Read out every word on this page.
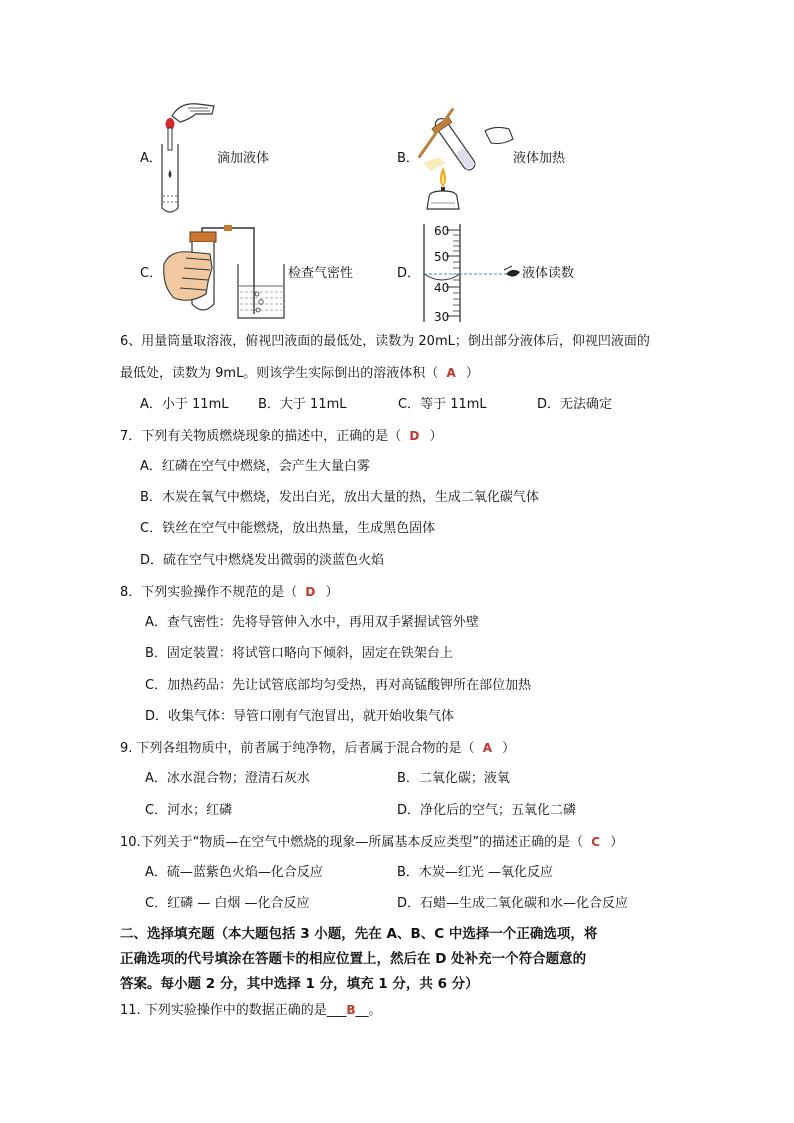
A．	滴加液体	B．	液体加热
C．	检查气密性	D．
60
50
40
30
液体读数
6、用量筒量取溶液，俯视凹液面的最低处，读数为 20mL；倒出部分液体后，仰视凹液面的
最低处，读数为 9mL。则该学生实际倒出的溶液体积（ A ）
A．小于 11mL B．大于 11mL	C．等于 11mL	D．无法确定
7．下列有关物质燃烧现象的描述中，正确的是（ D ）
A．红磷在空气中燃烧，会产生大量白雾
B．木炭在氧气中燃烧，发出白光，放出大量的热，生成二氧化碳气体
C．铁丝在空气中能燃烧，放出热量，生成黑色固体
D．硫在空气中燃烧发出微弱的淡蓝色火焰
8．下列实验操作不规范的是（ D ）
A．查气密性：先将导管伸入水中，再用双手紧握试管外壁
B．固定装置：将试管口略向下倾斜，固定在铁架台上
C．加热药品：先让试管底部均匀受热，再对高锰酸钾所在部位加热
D．收集气体：导管口刚有气泡冒出，就开始收集气体
9. 下列各组物质中，前者属于纯净物，后者属于混合物的是（ A ）
A．冰水混合物；澄清石灰水	B．二氧化碳；液氧
C．河水；红磷	D．净化后的空气；五氧化二磷
10.下列关于“物质—在空气中燃烧的现象—所属基本反应类型”的描述正确的是（ C ）
A．硫—蓝紫色火焰—化合反应	B．木炭—红光 —氧化反应
C．红磷 — 白烟 —化合反应	D．石蜡—生成二氧化碳和水—化合反应
二、选择填充题（本大题包括 3 小题，先在 A、B、C 中选择一个正确选项，将
正确选项的代号填涂在答题卡的相应位置上，然后在 D 处补充一个符合题意的
答案。每小题 2 分，其中选择 1 分，填充 1 分，共 6 分）
11. 下列实验操作中的数据正确的是___B__。
